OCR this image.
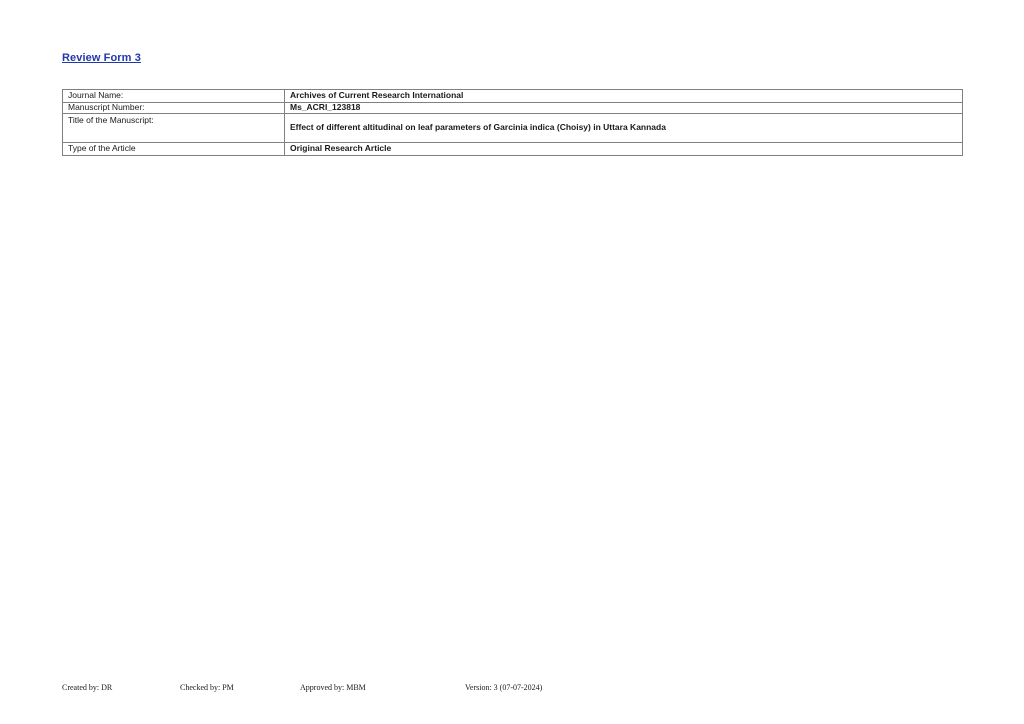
Review Form 3
Journal Name:	Archives of Current Research International
Manuscript Number:	Ms_ACRI_123818
Title of the Manuscript:	Effect of different altitudinal on leaf parameters of Garcinia indica (Choisy) in Uttara Kannada
Type of the Article	Original Research Article
Created by: DR	Checked by: PM	Approved by: MBM	Version: 3 (07-07-2024)
